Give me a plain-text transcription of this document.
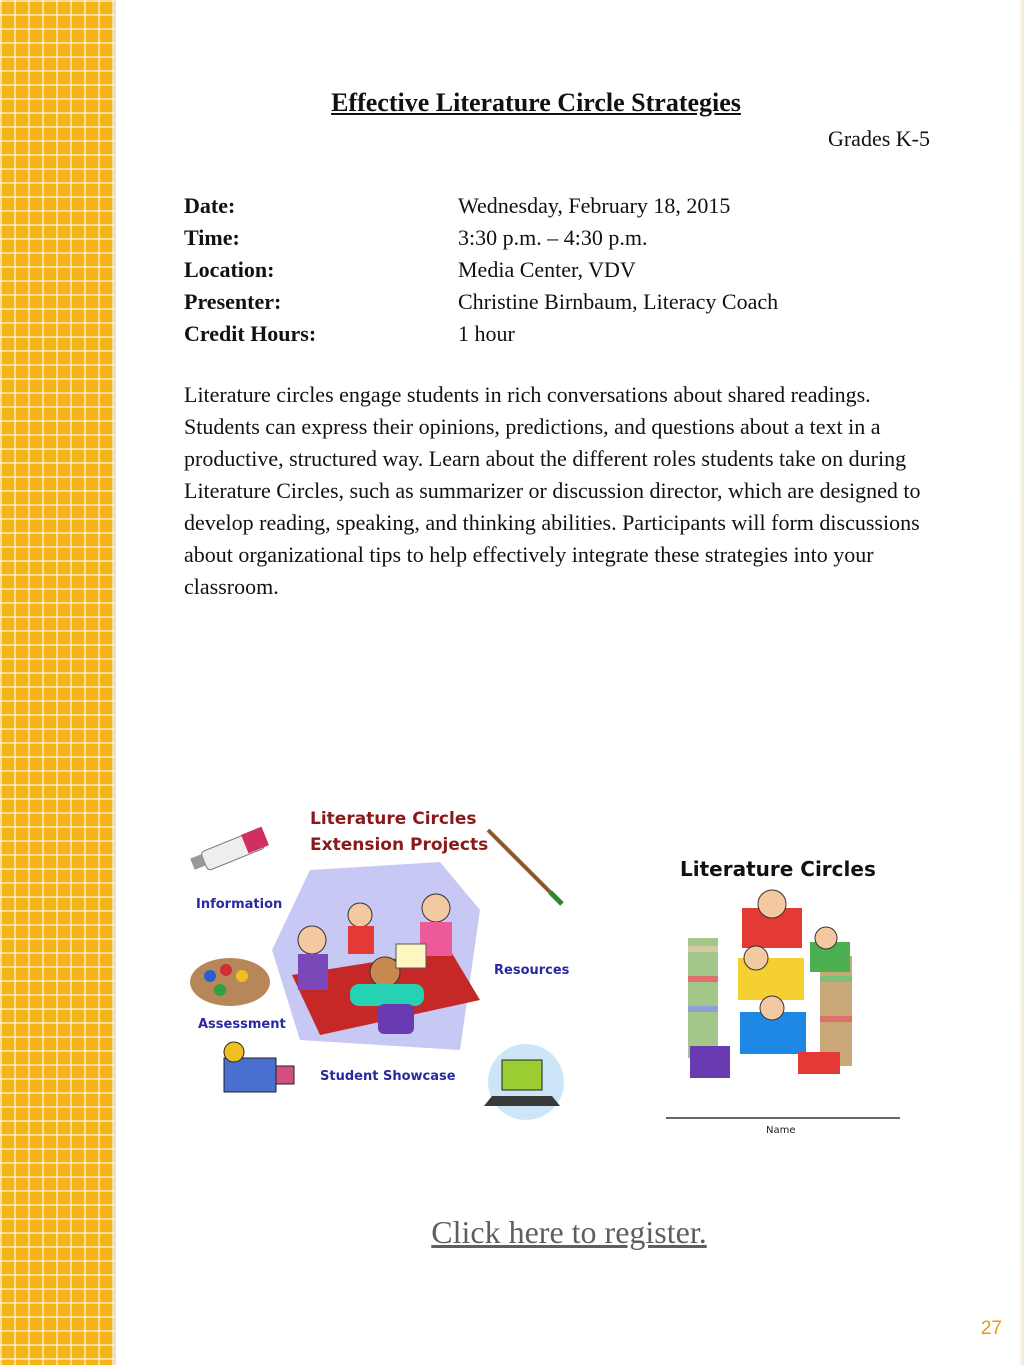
Effective Literature Circle Strategies
Grades K-5
Date:	Wednesday, February 18, 2015
Time:	3:30 p.m. – 4:30 p.m.
Location:	Media Center, VDV
Presenter:	Christine Birnbaum, Literacy Coach
Credit Hours:	1 hour

Literature circles engage students in rich conversations about shared readings. Students can express their opinions, predictions, and questions about a text in a productive, structured way. Learn about the different roles students take on during Literature Circles, such as summarizer or discussion director, which are designed to develop reading, speaking, and thinking abilities. Participants will form discussions about organizational tips to help effectively integrate these strategies into your classroom.

Literature Circles
Extension Projects
Information
Resources
Assessment
Student Showcase
Literature Circles
Name
Click here to register.
27
